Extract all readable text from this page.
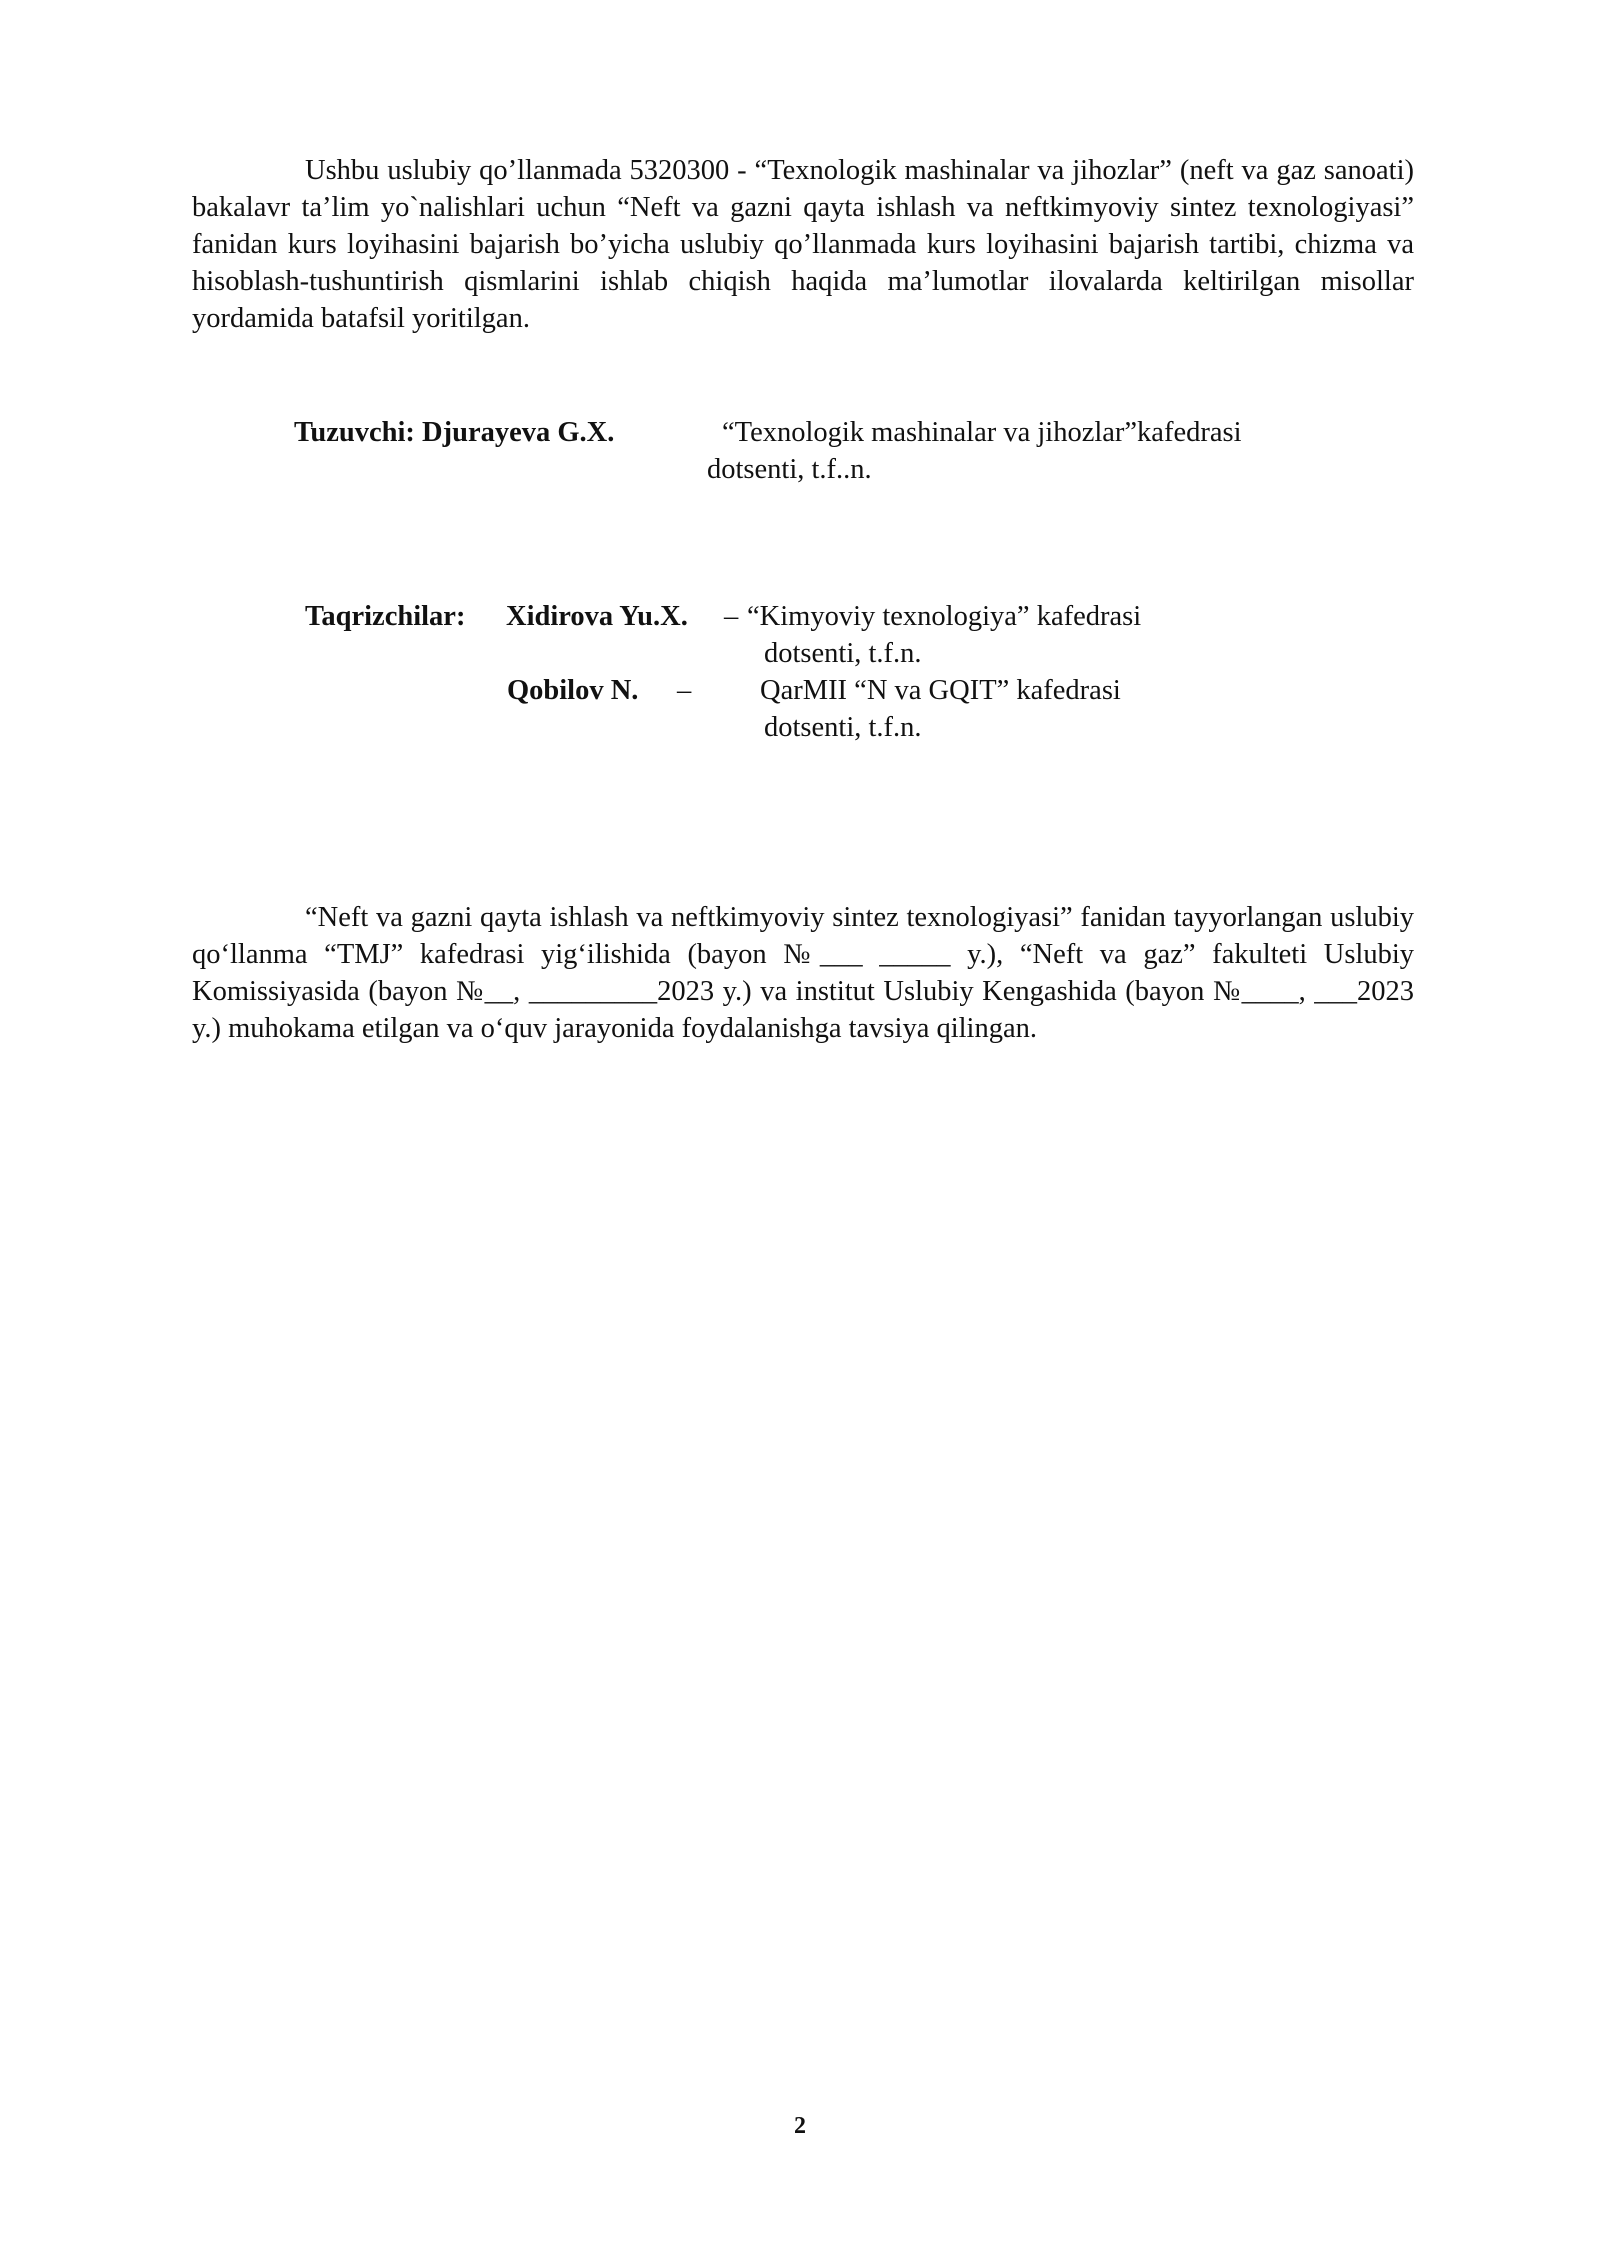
Ushbu uslubiy qo’llanmada 5320300 - “Texnologik mashinalar va jihozlar” (neft va gaz sanoati) bakalavr ta’lim yo`nalishlari uchun “Neft va gazni qayta ishlash va neftkimyoviy sintez texnologiyasi” fanidan kurs loyihasini bajarish bo’yicha uslubiy qo’llanmada kurs loyihasini bajarish tartibi, chizma va hisoblash-tushuntirish qismlarini ishlab chiqish haqida ma’lumotlar ilovalarda keltirilgan misollar yordamida batafsil yoritilgan.

Tuzuvchi: Djurayeva G.X.	“Texnologik mashinalar va jihozlar”kafedrasi
dotsenti, t.f..n.
Taqrizchilar: Xidirova Yu.X. – “Kimyoviy texnologiya” kafedrasi
dotsenti, t.f.n.
Qobilov N. – QarMII “N va GQIT” kafedrasi
dotsenti, t.f.n.

“Neft va gazni qayta ishlash va neftkimyoviy sintez texnologiyasi” fanidan tayyorlangan uslubiy qo‘llanma “TMJ” kafedrasi yig‘ilishida (bayon №___ _____ y.), “Neft va gaz” fakulteti Uslubiy Komissiyasida (bayon №__, _________2023 y.) va institut Uslubiy Kengashida (bayon №____, ___2023 y.) muhokama etilgan va o‘quv jarayonida foydalanishga tavsiya qilingan.

2
